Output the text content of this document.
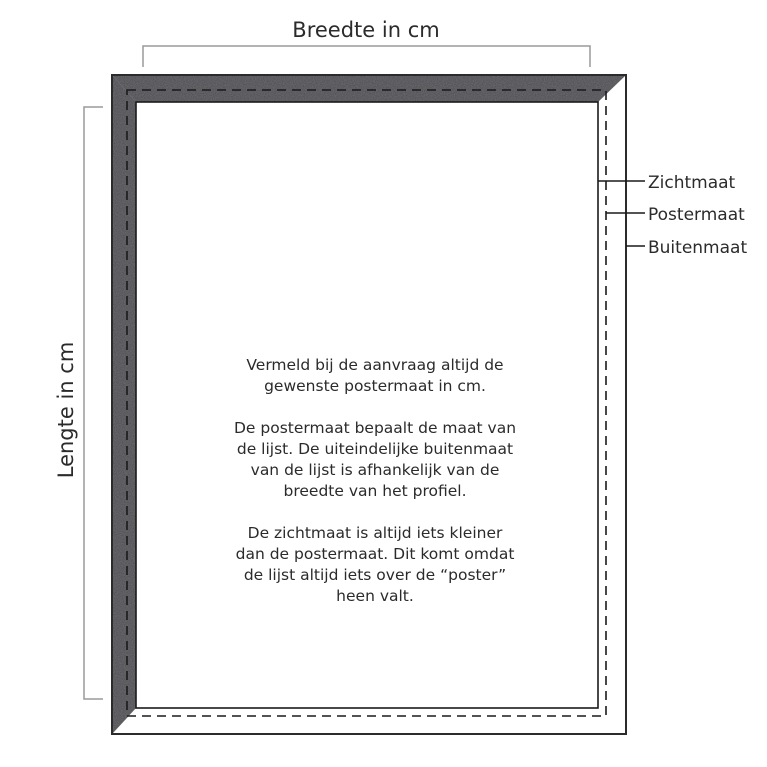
Breedte in cm
Lengte in cm
Zichtmaat
Postermaat
Buitenmaat

Vermeld bij de aanvraag altijd de
gewenste postermaat in cm.

De postermaat bepaalt de maat van
de lijst. De uiteindelijke buitenmaat
van de lijst is afhankelijk van de
breedte van het profiel.

De zichtmaat is altijd iets kleiner
dan de postermaat. Dit komt omdat
de lijst altijd iets over de “poster”
heen valt.
